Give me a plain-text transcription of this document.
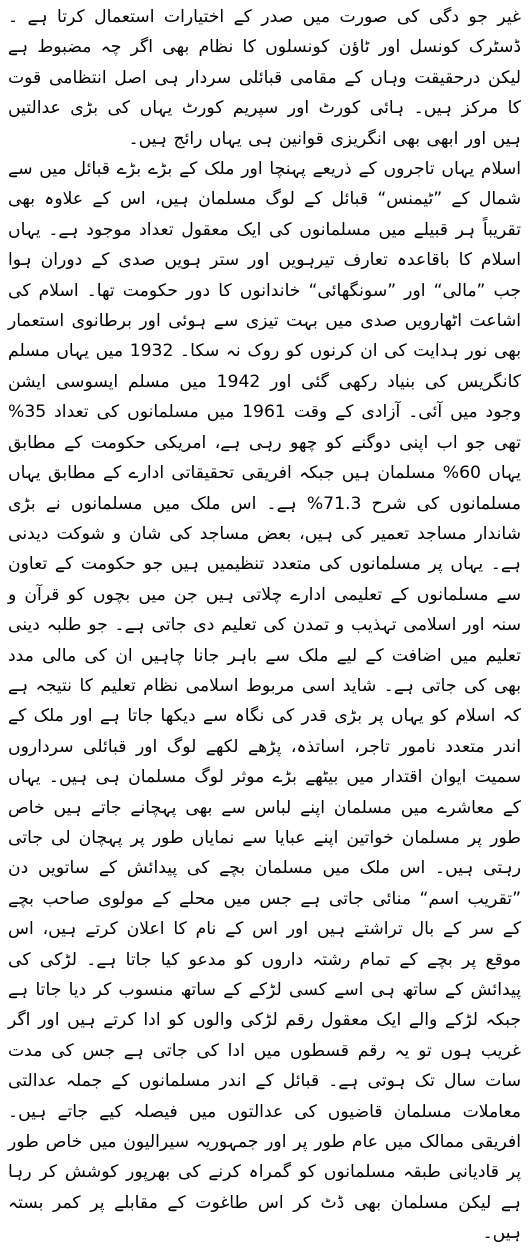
غیر جو دگی کی صورت میں صدر کے اختیارات استعمال کرتا ہے ۔ڈسٹرک کونسل اور ٹاؤن کونسلوں کا نظام بھی اگر چہ مضبوط ہے لیکن درحقیقت وہاں کے مقامی قبائلی سردار ہی اصل انتظامی قوت کا مرکز ہیں۔ ہائی کورٹ اور سپریم کورٹ یہاں کی بڑی عدالتیں ہیں اور ابھی بھی انگریزی قوانین ہی یہاں رائج ہیں۔

اسلام یہاں تاجروں کے ذریعے پہنچا اور ملک کے بڑے بڑے قبائل میں سے شمال کے ”ٹیمنس“ قبائل کے لوگ مسلمان ہیں، اس کے علاوہ بھی تقریباً ہر قبیلے میں مسلمانوں کی ایک معقول تعداد موجود ہے۔ یہاں اسلام کا باقاعدہ تعارف تیرہویں اور ستر ہویں صدی کے دوران ہوا جب ”مالی“ اور ”سونگھائی“ خاندانوں کا دور حکومت تھا۔ اسلام کی اشاعت اٹھارویں صدی میں بہت تیزی سے ہوئی اور برطانوی استعمار بھی نور ہدایت کی ان کرنوں کو روک نہ سکا۔ 1932 میں یہاں مسلم کانگریس کی بنیاد رکھی گئی اور 1942 میں مسلم ایسوسی ایشن وجود میں آئی۔ آزادی کے وقت 1961 میں مسلمانوں کی تعداد 35% تھی جو اب اپنی دوگنے کو چھو رہی ہے، امریکی حکومت کے مطابق یہاں 60% مسلمان ہیں جبکہ افریقی تحقیقاتی ادارے کے مطابق یہاں مسلمانوں کی شرح 71.3% ہے۔ اس ملک میں مسلمانوں نے بڑی شاندار مساجد تعمیر کی ہیں، بعض مساجد کی شان و شوکت دیدنی ہے۔ یہاں پر مسلمانوں کی متعدد تنظیمیں ہیں جو حکومت کے تعاون سے مسلمانوں کے تعلیمی ادارے چلاتی ہیں جن میں بچوں کو قرآن و سنہ اور اسلامی تہذیب و تمدن کی تعلیم دی جاتی ہے۔ جو طلبہ دینی تعلیم میں اضافت کے لیے ملک سے باہر جانا چاہیں ان کی مالی مدد بھی کی جاتی ہے۔ شاید اسی مربوط اسلامی نظام تعلیم کا نتیجہ ہے کہ اسلام کو یہاں پر بڑی قدر کی نگاہ سے دیکھا جاتا ہے اور ملک کے اندر متعدد نامور تاجر، اساتذہ، پڑھے لکھے لوگ اور قبائلی سرداروں سمیت ایوان اقتدار میں بیٹھے بڑے موثر لوگ مسلمان ہی ہیں۔ یہاں کے معاشرے میں مسلمان اپنے لباس سے بھی پہچانے جاتے ہیں خاص طور پر مسلمان خواتین اپنے عبایا سے نمایاں طور پر پہچان لی جاتی رہتی ہیں۔ اس ملک میں مسلمان بچے کی پیدائش کے ساتویں دن ”تقریب اسم“ منائی جاتی ہے جس میں محلے کے مولوی صاحب بچے کے سر کے بال تراشتے ہیں اور اس کے نام کا اعلان کرتے ہیں، اس موقع پر بچے کے تمام رشتہ داروں کو مدعو کیا جاتا ہے۔ لڑکی کی پیدائش کے ساتھ ہی اسے کسی لڑکے کے ساتھ منسوب کر دیا جاتا ہے جبکہ لڑکے والے ایک معقول رقم لڑکی والوں کو ادا کرتے ہیں اور اگر غریب ہوں تو یہ رقم قسطوں میں ادا کی جاتی ہے جس کی مدت سات سال تک ہوتی ہے۔ قبائل کے اندر مسلمانوں کے جملہ عدالتی معاملات مسلمان قاضیوں کی عدالتوں میں فیصلہ کیے جاتے ہیں۔ افریقی ممالک میں عام طور پر اور جمہوریہ سیرالیون میں خاص طور پر قادیانی طبقہ مسلمانوں کو گمراہ کرنے کی بھرپور کوشش کر رہا ہے لیکن مسلمان بھی ڈٹ کر اس طاغوت کے مقابلے پر کمر بستہ ہیں۔
